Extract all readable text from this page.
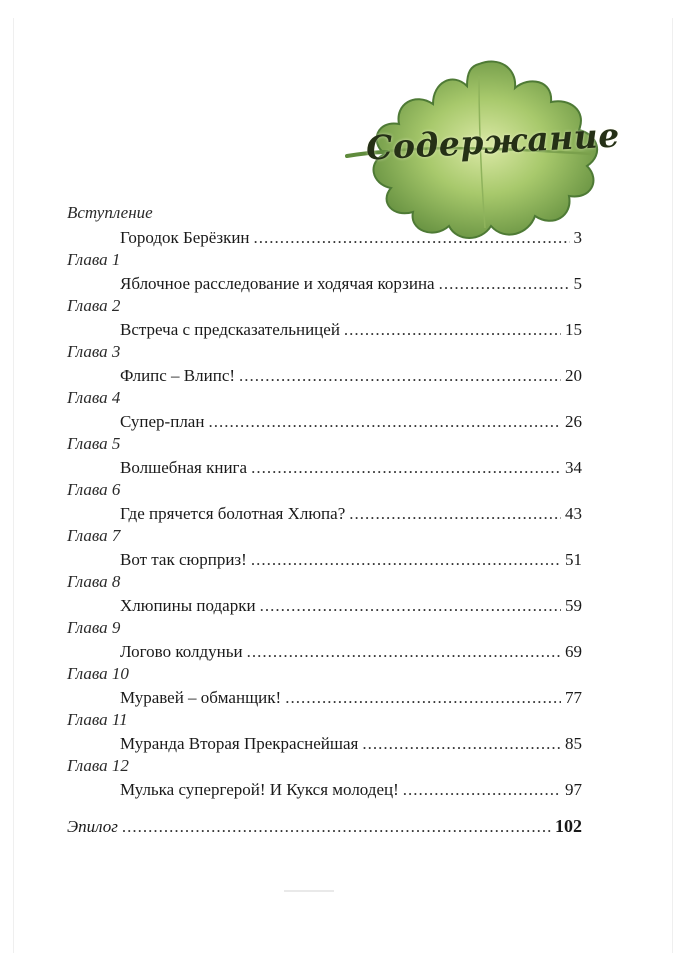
Содержание
Вступление
Городок Берёзкин .....	3
Глава 1
Яблочное расследование и ходячая корзина .....	5
Глава 2
Встреча с предсказательницей .....	15
Глава 3
Флипс – Влипс! .....	20
Глава 4
Супер-план .....	26
Глава 5
Волшебная книга .....	34
Глава 6
Где прячется болотная Хлюпа? .....	43
Глава 7
Вот так сюрприз! .....	51
Глава 8
Хлюпины подарки .....	59
Глава 9
Логово колдуньи .....	69
Глава 10
Муравей – обманщик! .....	77
Глава 11
Муранда Вторая Прекраснейшая .....	85
Глава 12
Мулька супергерой! И Кукся молодец! .....	97
Эпилог .....	102
